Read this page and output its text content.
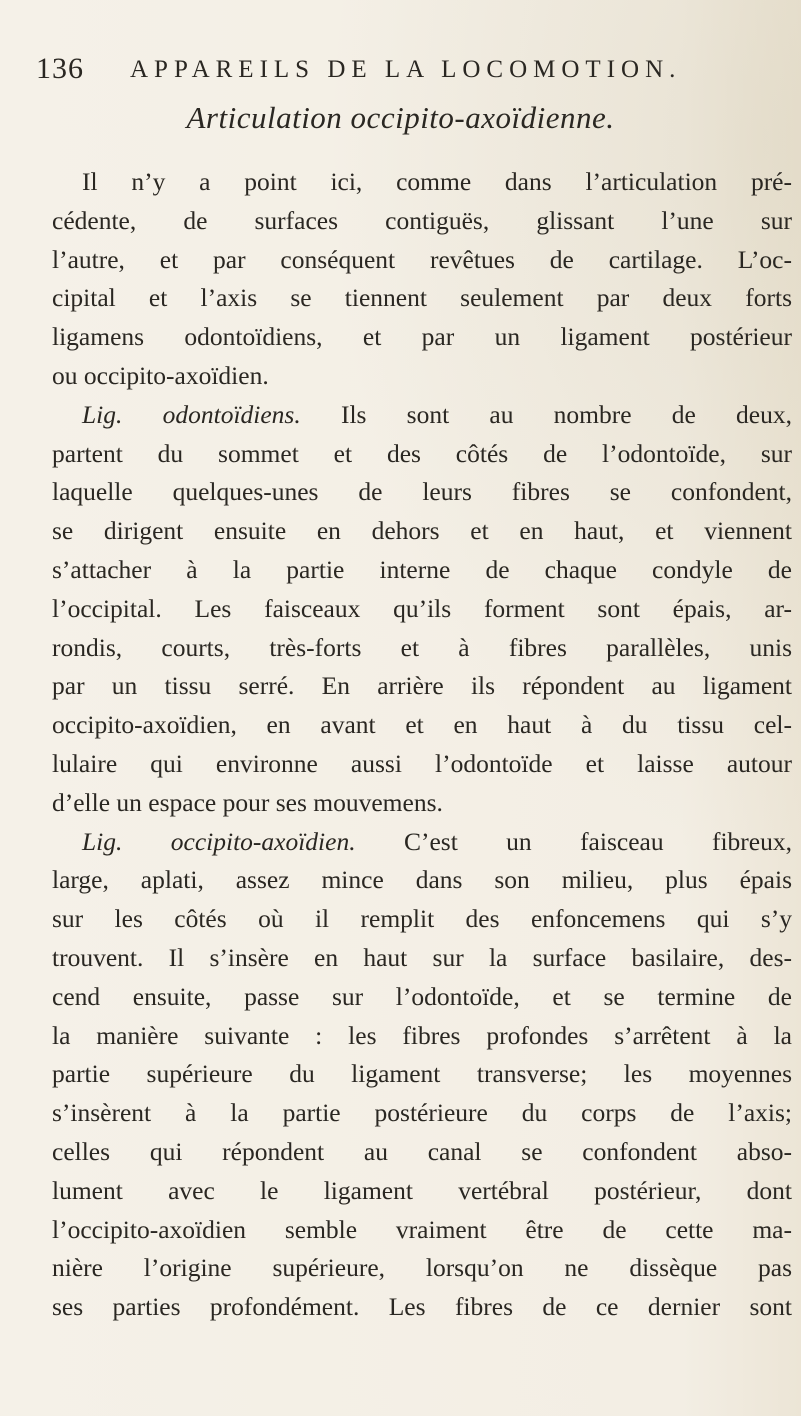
136 APPAREILS DE LA LOCOMOTION.
Articulation occipito-axoïdienne.
Il n’y a point ici, comme dans l’articulation pré-
cédente, de surfaces contiguës, glissant l’une sur
l’autre, et par conséquent revêtues de cartilage. L’oc-
cipital et l’axis se tiennent seulement par deux forts
ligamens odontoïdiens, et par un ligament postérieur
ou occipito-axoïdien.
Lig. odontoïdiens. Ils sont au nombre de deux,
partent du sommet et des côtés de l’odontoïde, sur
laquelle quelques-unes de leurs fibres se confondent,
se dirigent ensuite en dehors et en haut, et viennent
s’attacher à la partie interne de chaque condyle de
l’occipital. Les faisceaux qu’ils forment sont épais, ar-
rondis, courts, très-forts et à fibres parallèles, unis
par un tissu serré. En arrière ils répondent au ligament
occipito-axoïdien, en avant et en haut à du tissu cel-
lulaire qui environne aussi l’odontoïde et laisse autour
d’elle un espace pour ses mouvemens.
Lig. occipito-axoïdien. C’est un faisceau fibreux,
large, aplati, assez mince dans son milieu, plus épais
sur les côtés où il remplit des enfoncemens qui s’y
trouvent. Il s’insère en haut sur la surface basilaire, des-
cend ensuite, passe sur l’odontoïde, et se termine de
la manière suivante : les fibres profondes s’arrêtent à la
partie supérieure du ligament transverse; les moyennes
s’insèrent à la partie postérieure du corps de l’axis;
celles qui répondent au canal se confondent abso-
lument avec le ligament vertébral postérieur, dont
l’occipito-axoïdien semble vraiment être de cette ma-
nière l’origine supérieure, lorsqu’on ne dissèque pas
ses parties profondément. Les fibres de ce dernier sont
